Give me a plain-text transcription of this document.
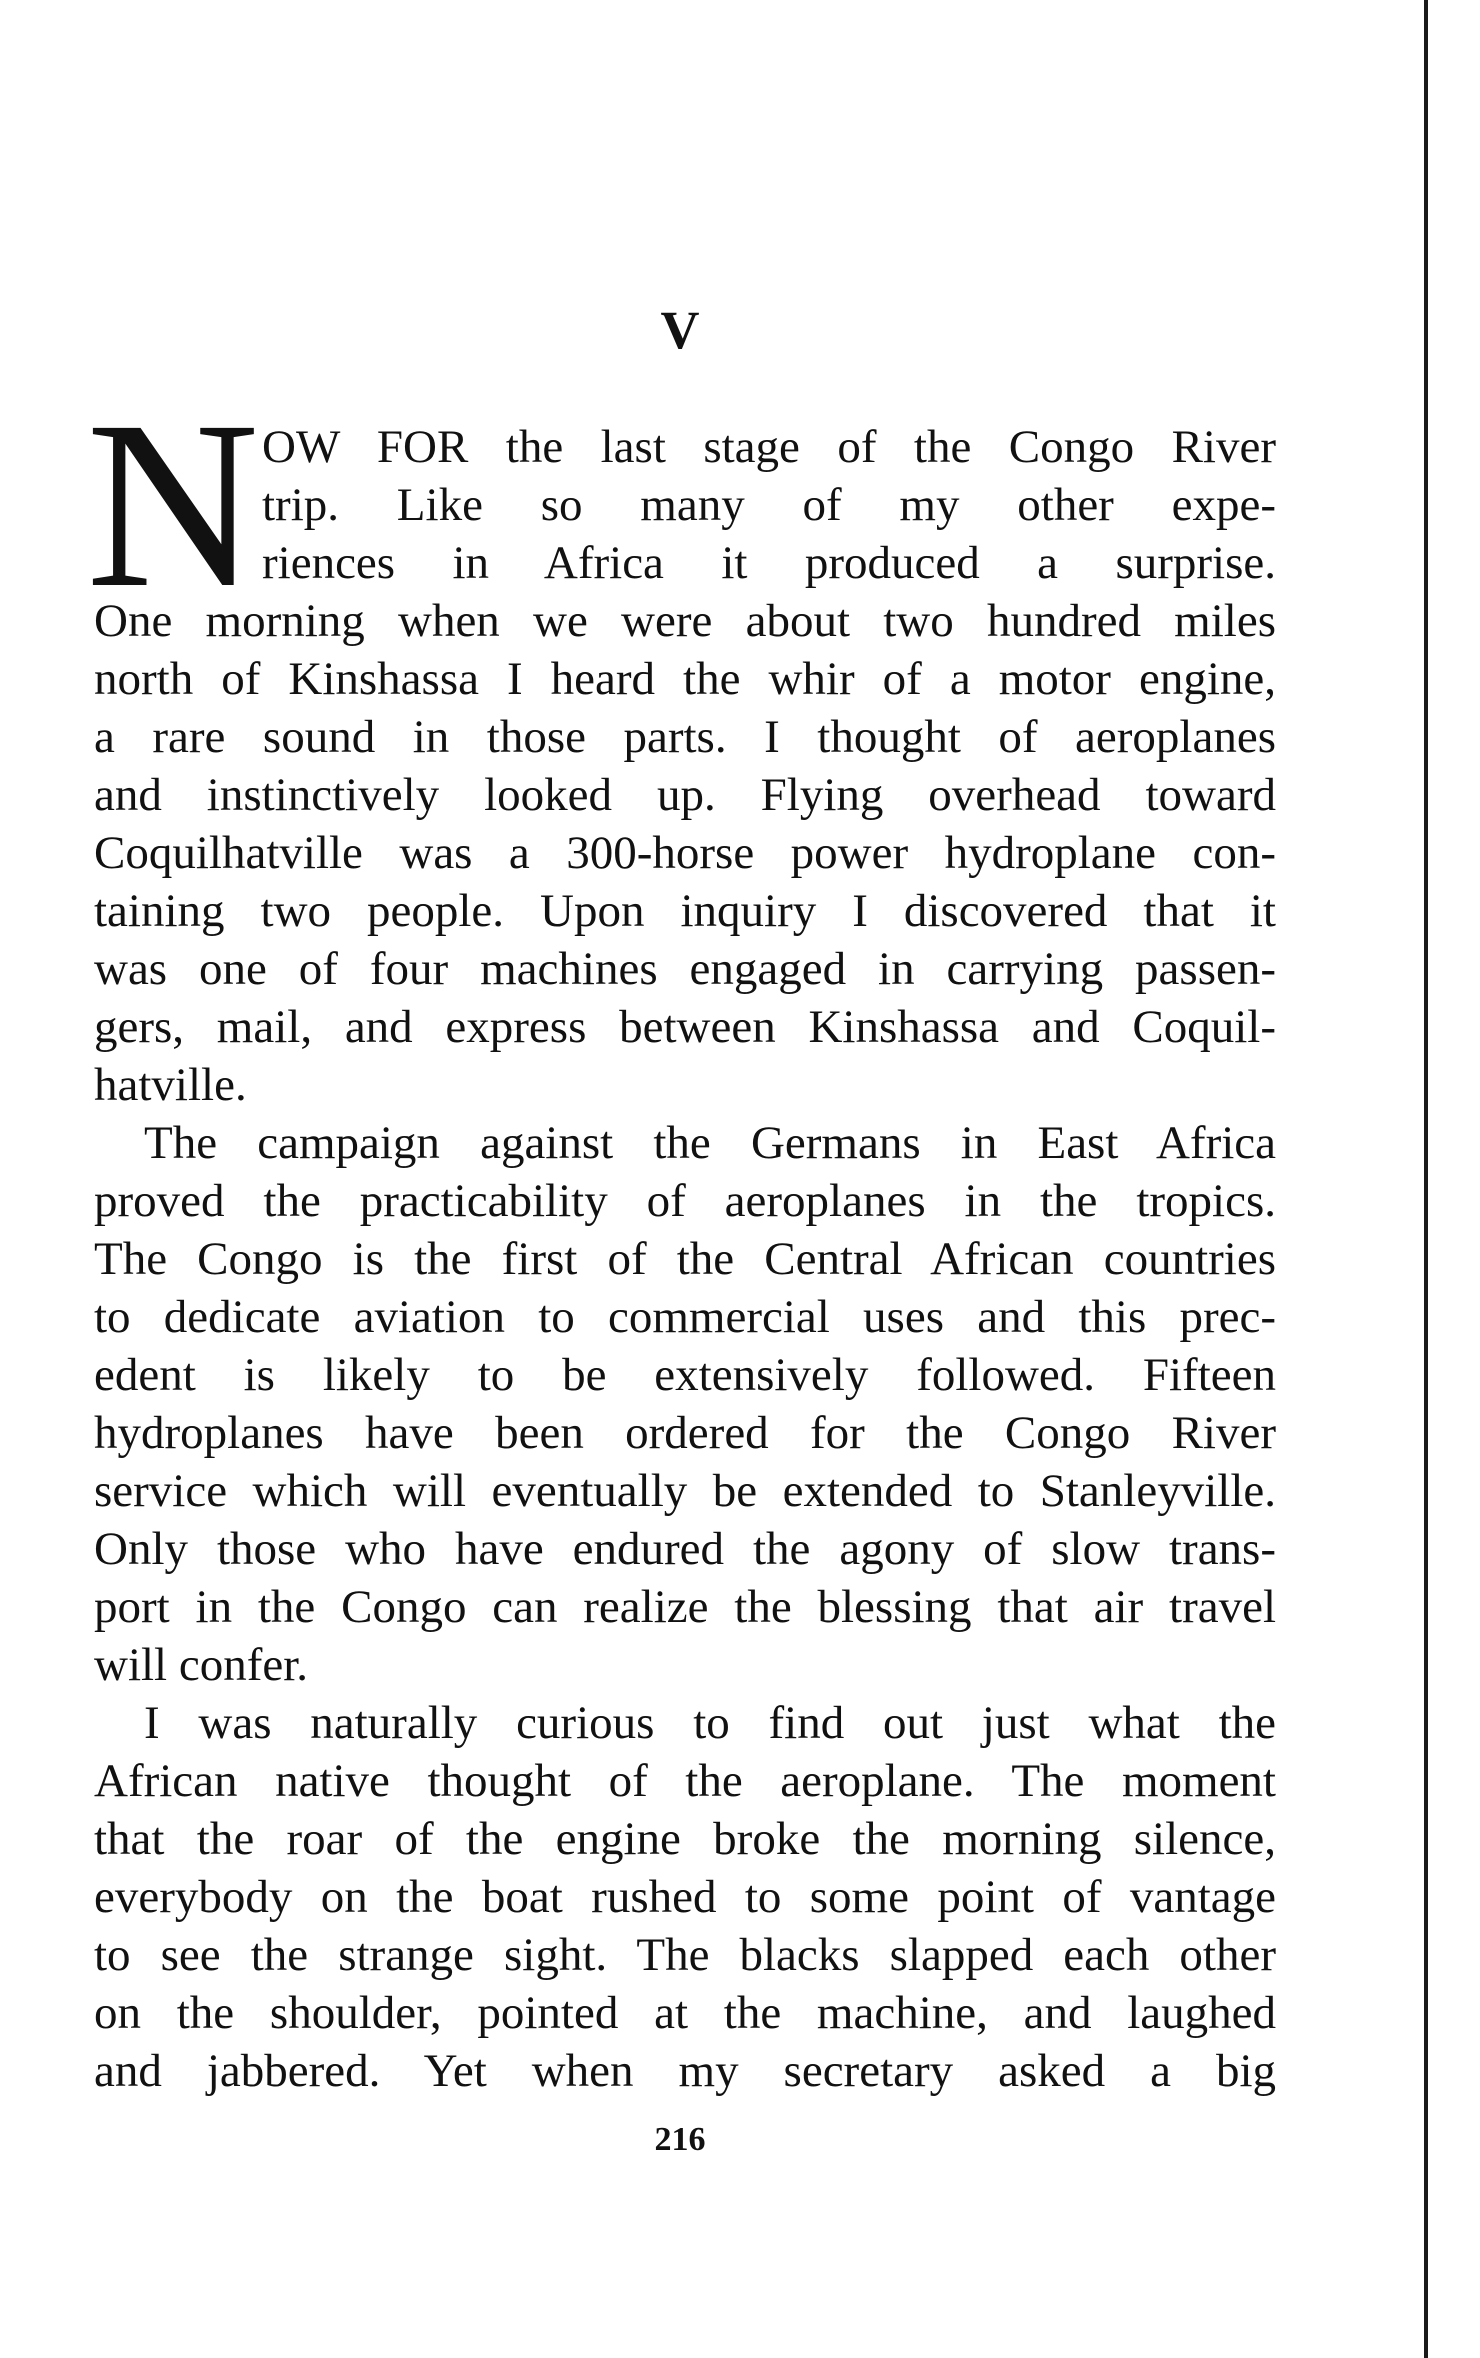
V
N OW FOR the last stage of the Congo River
trip. Like so many of my other expe-
riences in Africa it produced a surprise.
One morning when we were about two hundred miles
north of Kinshassa I heard the whir of a motor engine,
a rare sound in those parts. I thought of aeroplanes
and instinctively looked up. Flying overhead toward
Coquilhatville was a 300-horse power hydroplane con-
taining two people. Upon inquiry I discovered that it
was one of four machines engaged in carrying passen-
gers, mail, and express between Kinshassa and Coquil-
hatville.
The campaign against the Germans in East Africa
proved the practicability of aeroplanes in the tropics.
The Congo is the first of the Central African countries
to dedicate aviation to commercial uses and this prec-
edent is likely to be extensively followed. Fifteen
hydroplanes have been ordered for the Congo River
service which will eventually be extended to Stanleyville.
Only those who have endured the agony of slow trans-
port in the Congo can realize the blessing that air travel
will confer.
I was naturally curious to find out just what the
African native thought of the aeroplane. The moment
that the roar of the engine broke the morning silence,
everybody on the boat rushed to some point of vantage
to see the strange sight. The blacks slapped each other
on the shoulder, pointed at the machine, and laughed
and jabbered. Yet when my secretary asked a big
216
